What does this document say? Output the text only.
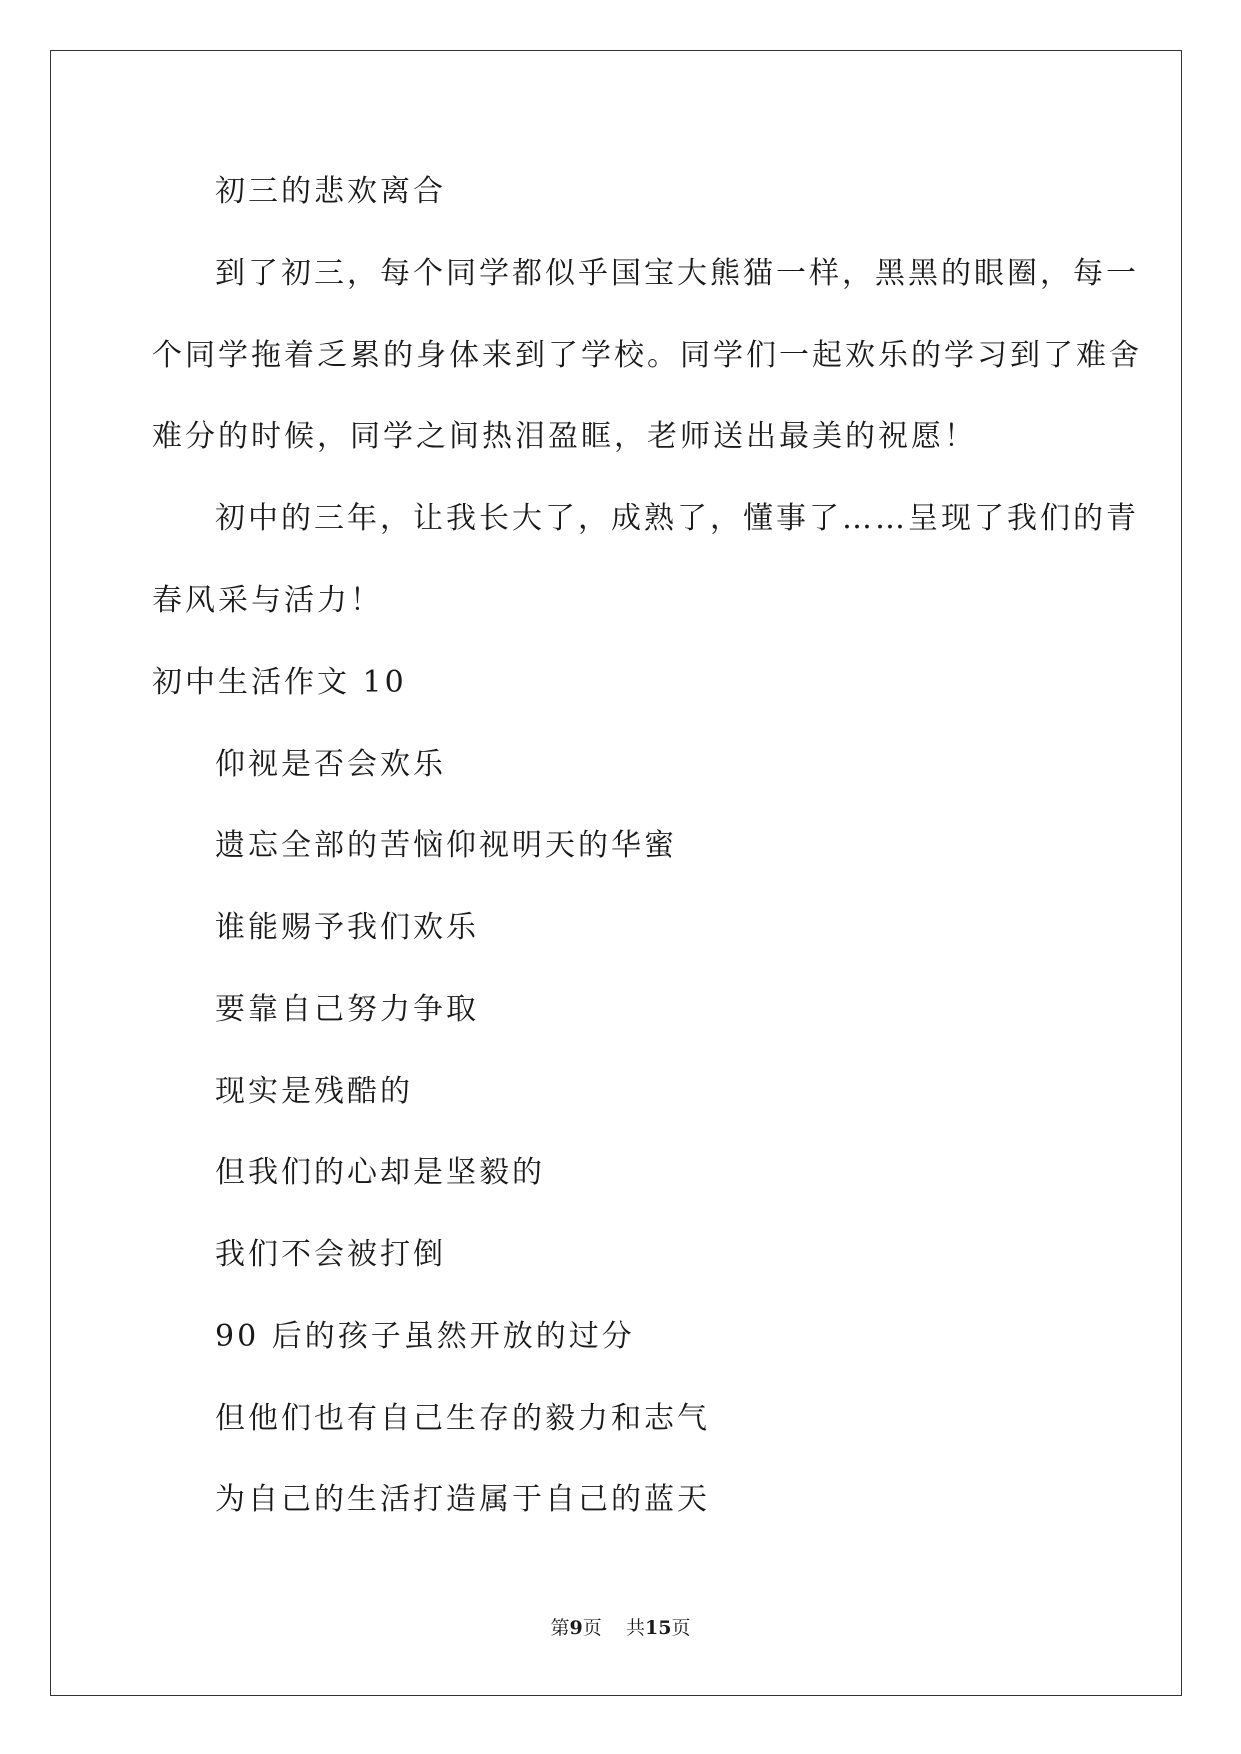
初三的悲欢离合
到了初三，每个同学都似乎国宝大熊猫一样，黑黑的眼圈，每一
个同学拖着乏累的身体来到了学校。同学们一起欢乐的学习到了难舍
难分的时候，同学之间热泪盈眶，老师送出最美的祝愿！
初中的三年，让我长大了，成熟了，懂事了……呈现了我们的青
春风采与活力！
初中生活作文 10
仰视是否会欢乐
遗忘全部的苦恼仰视明天的华蜜
谁能赐予我们欢乐
要靠自己努力争取
现实是残酷的
但我们的心却是坚毅的
我们不会被打倒
90 后的孩子虽然开放的过分
但他们也有自己生存的毅力和志气
为自己的生活打造属于自己的蓝天
第9页 共15页
